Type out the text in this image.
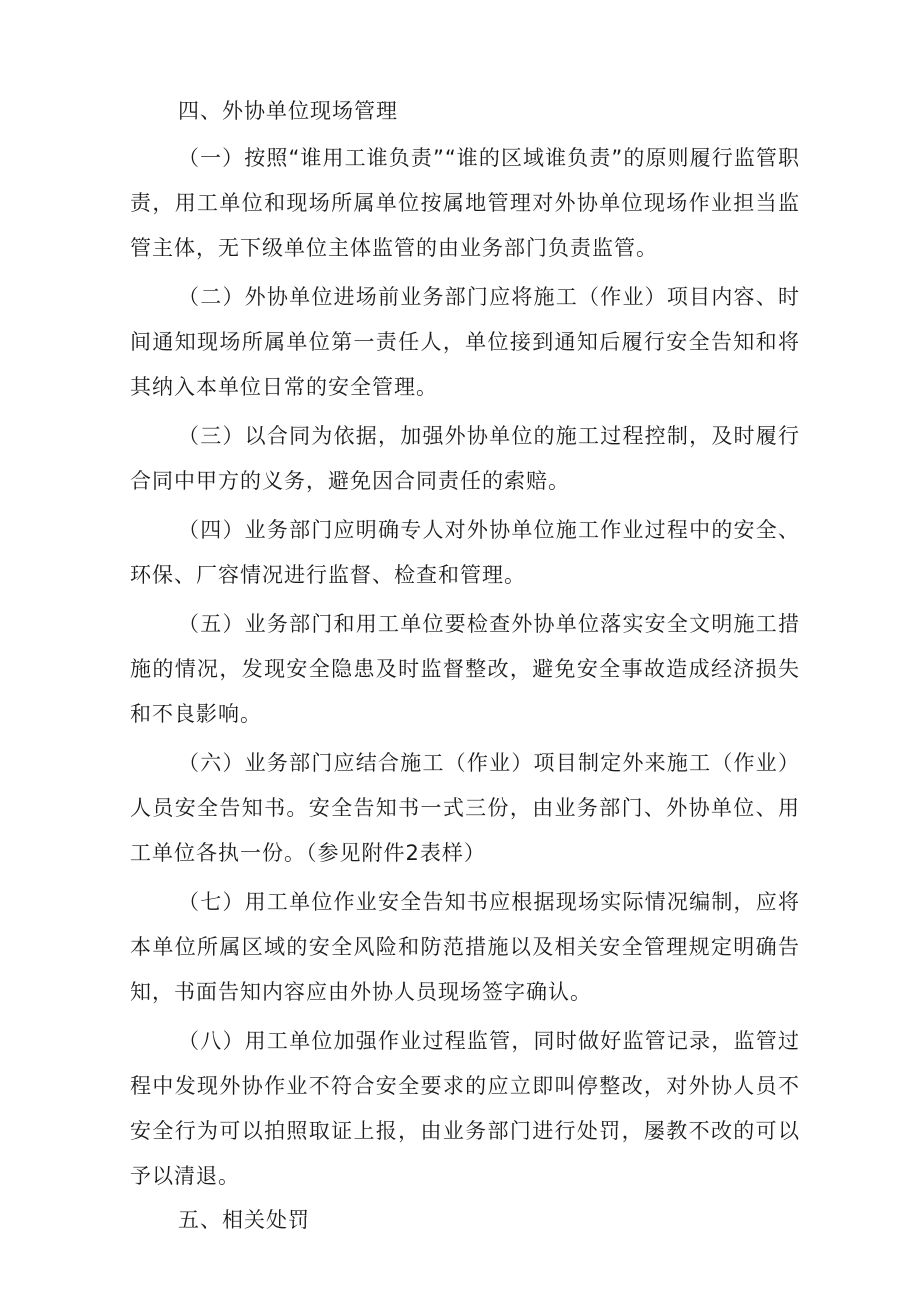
四、外协单位现场管理

（一）按照“谁用工谁负责”“谁的区域谁负责”的原则履行监管职责，用工单位和现场所属单位按属地管理对外协单位现场作业担当监管主体，无下级单位主体监管的由业务部门负责监管。

（二）外协单位进场前业务部门应将施工（作业）项目内容、时间通知现场所属单位第一责任人，单位接到通知后履行安全告知和将其纳入本单位日常的安全管理。

（三）以合同为依据，加强外协单位的施工过程控制，及时履行合同中甲方的义务，避免因合同责任的索赔。

（四）业务部门应明确专人对外协单位施工作业过程中的安全、环保、厂容情况进行监督、检查和管理。

（五）业务部门和用工单位要检查外协单位落实安全文明施工措施的情况，发现安全隐患及时监督整改，避免安全事故造成经济损失和不良影响。

（六）业务部门应结合施工（作业）项目制定外来施工（作业）人员安全告知书。安全告知书一式三份，由业务部门、外协单位、用工单位各执一份。（参见附件2表样）

（七）用工单位作业安全告知书应根据现场实际情况编制，应将本单位所属区域的安全风险和防范措施以及相关安全管理规定明确告知，书面告知内容应由外协人员现场签字确认。

（八）用工单位加强作业过程监管，同时做好监管记录，监管过程中发现外协作业不符合安全要求的应立即叫停整改，对外协人员不安全行为可以拍照取证上报，由业务部门进行处罚，屡教不改的可以予以清退。

五、相关处罚
